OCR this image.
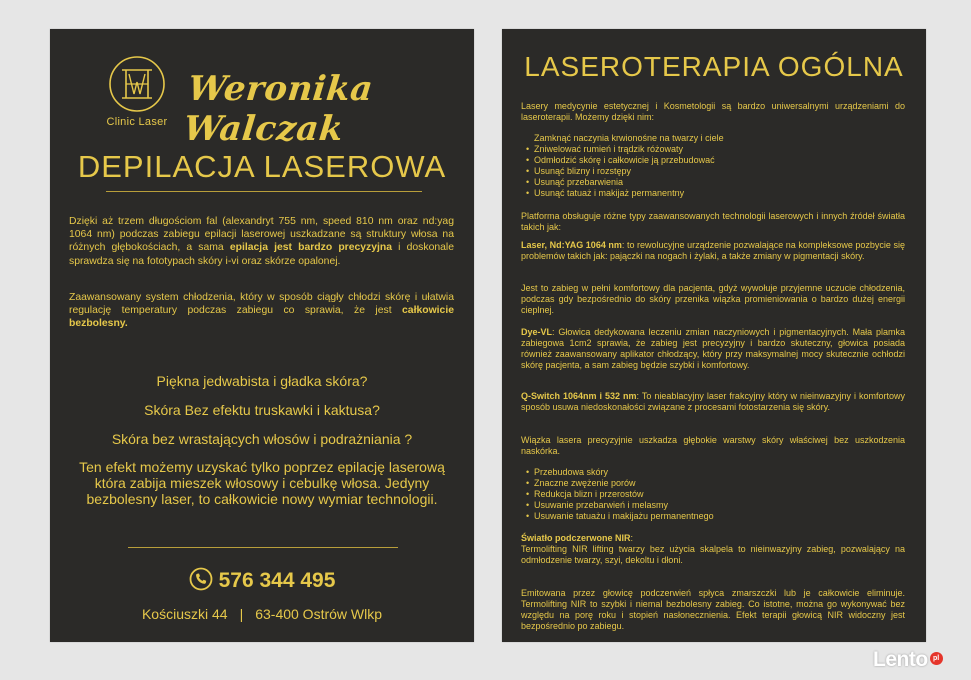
Clinic Laser
Weronika Walczak
DEPILACJA LASEROWA
Dzięki aż trzem długościom fal (alexandryt 755 nm, speed 810 nm oraz nd:yag 1064 nm) podczas zabiegu epilacji laserowej uszkadzane są struktury włosa na różnych głębokościach, a sama epilacja jest bardzo precyzyjna i doskonale sprawdza się na fototypach skóry i-vi oraz skórze opalonej.
Zaawansowany system chłodzenia, który w sposób ciągły chłodzi skórę i ułatwia regulację temperatury podczas zabiegu co sprawia, że jest całkowicie bezbolesny.
Piękna jedwabista i gładka skóra?
Skóra Bez efektu truskawki i kaktusa?
Skóra bez wrastających włosów i podrażniania ?
Ten efekt możemy uzyskać tylko poprzez epilację laserową która zabija mieszek włosowy i cebulkę włosa. Jedyny bezbolesny laser, to całkowicie nowy wymiar technologii.
576 344 495
Kościuszki 44 | 63-400 Ostrów Wlkp
LASEROTERAPIA OGÓLNA
Lasery medycynie estetycznej i Kosmetologii są bardzo uniwersalnymi urządzeniami do laseroterapii. Możemy dzięki nim:
Zamknąć naczynia krwionośne na twarzy i ciele
• Zniwelować rumień i trądzik różowaty
• Odmłodzić skórę i całkowicie ją przebudować
• Usunąć blizny i rozstępy
• Usunąć przebarwienia
• Usunąć tatuaż i makijaż permanentny
Platforma obsługuje różne typy zaawansowanych technologii laserowych i innych źródeł światła takich jak:
Laser, Nd:YAG 1064 nm: to rewolucyjne urządzenie pozwalające na kompleksowe pozbycie się problemów takich jak: pajączki na nogach i żylaki, a także zmiany w pigmentacji skóry.
Jest to zabieg w pełni komfortowy dla pacjenta, gdyż wywołuje przyjemne uczucie chłodzenia, podczas gdy bezpośrednio do skóry przenika wiązka promieniowania o bardzo dużej energii cieplnej.
Dye-VL: Głowica dedykowana leczeniu zmian naczyniowych i pigmentacyjnych. Mała plamka zabiegowa 1cm2 sprawia, że zabieg jest precyzyjny i bardzo skuteczny, głowica posiada również zaawansowany aplikator chłodzący, który przy maksymalnej mocy skutecznie ochłodzi skórę pacjenta, a sam zabieg będzie szybki i komfortowy.
Q-Switch 1064nm i 532 nm: To nieablacyjny laser frakcyjny który w nieinwazyjny i komfortowy sposób usuwa niedoskonałości związane z procesami fotostarzenia się skóry.
Wiązka lasera precyzyjnie uszkadza głębokie warstwy skóry właściwej bez uszkodzenia naskórka.
• Przebudowa skóry
• Znaczne zwężenie porów
• Redukcja blizn i przerostów
• Usuwanie przebarwień i melasmy
• Usuwanie tatuażu i makijażu permanentnego
Światło podczerwone NIR:
Termolifting NIR lifting twarzy bez użycia skalpela to nieinwazyjny zabieg, pozwalający na odmłodzenie twarzy, szyi, dekoltu i dłoni.
Emitowana przez głowicę podczerwień spłyca zmarszczki lub je całkowicie eliminuje. Termolifting NIR to szybki i niemal bezbolesny zabieg. Co istotne, można go wykonywać bez względu na porę roku i stopień nasłonecznienia. Efekt terapii głowicą NIR widoczny jest bezpośrednio po zabiegu.
Lento pl
